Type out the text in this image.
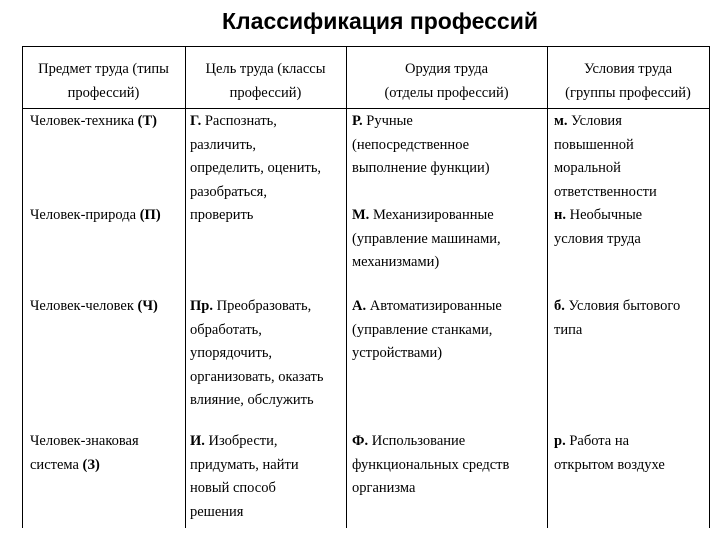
Классификация профессий
Предмет труда (типы
профессий)
Цель труда (классы
профессий)
Орудия труда
(отделы профессий)
Условия труда
(группы профессий)
Человек-техника (Т)
Человек-природа (П)
Человек-человек (Ч)
Человек-знаковая
система (З)
Г. Распознать,
различить,
определить, оценить,
разобраться,
проверить
Пр. Преобразовать,
обработать,
упорядочить,
организовать, оказать
влияние, обслужить
И. Изобрести,
придумать, найти
новый способ
решения
Р. Ручные
(непосредственное
выполнение функции)
М. Механизированные
(управление машинами,
механизмами)
А. Автоматизированные
(управление станками,
устройствами)
Ф. Использование
функциональных средств
организма
м. Условия
повышенной
моральной
ответственности
н. Необычные
условия труда
б. Условия бытового
типа
р. Работа на
открытом воздухе
